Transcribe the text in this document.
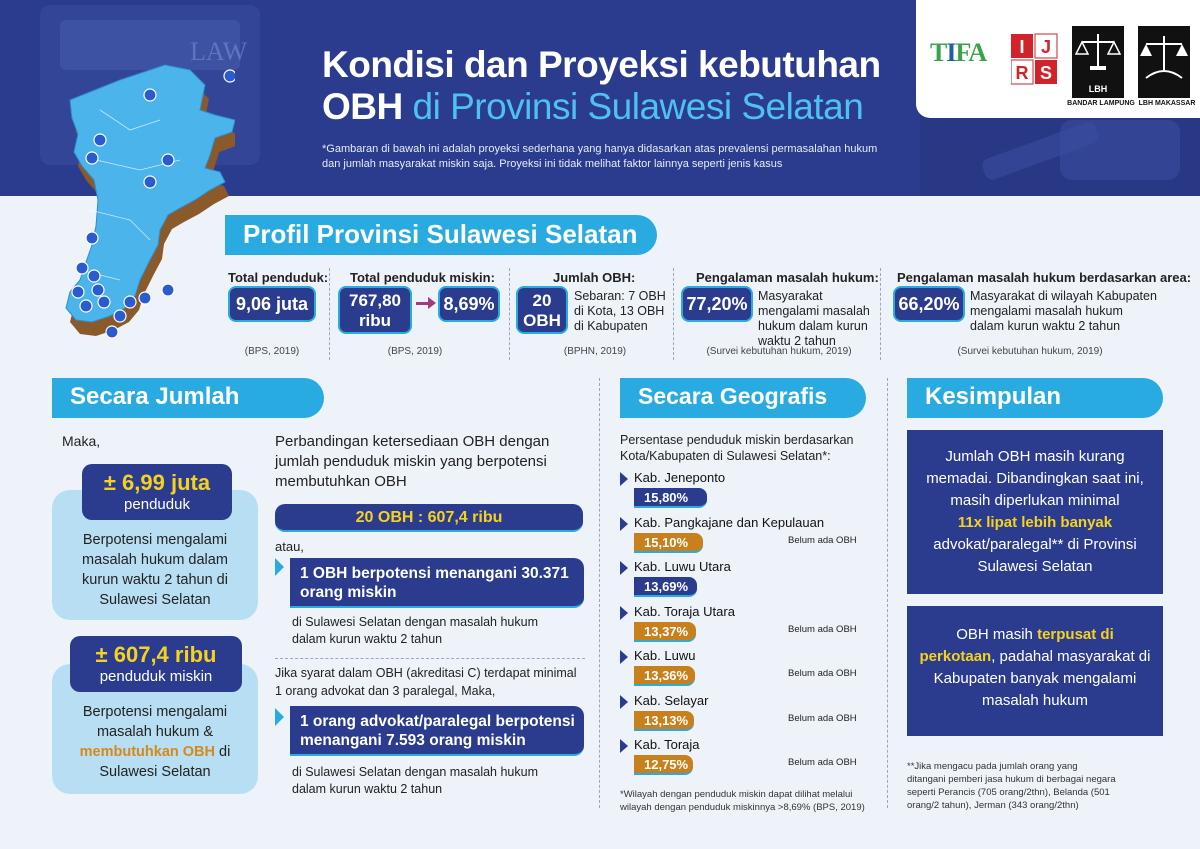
LAW Kondisi dan Proyeksi kebutuhan
OBH di Provinsi Sulawesi Selatan
*Gambaran di bawah ini adalah proyeksi sederhana yang hanya didasarkan atas prevalensi permasalahan hukum dan jumlah masyarakat miskin saja. Proyeksi ini tidak melihat faktor lainnya seperti jenis kasus
TIFA I J
R S
LBH
BANDAR LAMPUNG LBH MAKASSAR
Profil Provinsi Sulawesi Selatan
Total penduduk:
9,06 juta
(BPS, 2019)
Total penduduk miskin:
767,80 ribu
8,69%
(BPS, 2019)
Jumlah OBH:
20 OBH
Sebaran: 7 OBH di Kota, 13 OBH di Kabupaten
(BPHN, 2019)
Pengalaman masalah hukum:
77,20% Masyarakat mengalami masalah hukum dalam kurun waktu 2 tahun
(Survei kebutuhan hukum, 2019)
Pengalaman masalah hukum berdasarkan area:
66,20% Masyarakat di wilayah Kabupaten mengalami masalah hukum dalam kurun waktu 2 tahun
(Survei kebutuhan hukum, 2019)
Secara Jumlah
Maka,
± 6,99 juta
penduduk
Berpotensi mengalami masalah hukum dalam kurun waktu 2 tahun di Sulawesi Selatan
± 607,4 ribu
penduduk miskin
Berpotensi mengalami masalah hukum &
membutuhkan OBH di Sulawesi Selatan
Perbandingan ketersediaan OBH dengan jumlah penduduk miskin yang berpotensi membutuhkan OBH
20 OBH : 607,4 ribu
atau,
1 OBH berpotensi menangani 30.371 orang miskin
di Sulawesi Selatan dengan masalah hukum dalam kurun waktu 2 tahun
Jika syarat dalam OBH (akreditasi C) terdapat minimal 1 orang advokat dan 3 paralegal, Maka,
1 orang advokat/paralegal berpotensi menangani 7.593 orang miskin
di Sulawesi Selatan dengan masalah hukum dalam kurun waktu 2 tahun
Secara Geografis
Persentase penduduk miskin berdasarkan Kota/Kabupaten di Sulawesi Selatan*:
Kab. Jeneponto
15,80%
Kab. Pangkajane dan Kepulauan
15,10%	Belum ada OBH
Kab. Luwu Utara
13,69%
Kab. Toraja Utara
13,37%	Belum ada OBH
Kab. Luwu
13,36%	Belum ada OBH
Kab. Selayar
13,13%	Belum ada OBH
Kab. Toraja
12,75%	Belum ada OBH
*Wilayah dengan penduduk miskin dapat dilihat melalui wilayah dengan penduduk miskinnya >8,69% (BPS, 2019)
Kesimpulan
Jumlah OBH masih kurang memadai. Dibandingkan saat ini, masih diperlukan minimal
11x lipat lebih banyak
advokat/paralegal** di Provinsi Sulawesi Selatan
OBH masih terpusat di perkotaan, padahal masyarakat di Kabupaten banyak mengalami masalah hukum
**Jika mengacu pada jumlah orang yang ditangani pemberi jasa hukum di berbagai negara seperti Perancis (705 orang/2thn), Belanda (501 orang/2 tahun), Jerman (343 orang/2thn)
